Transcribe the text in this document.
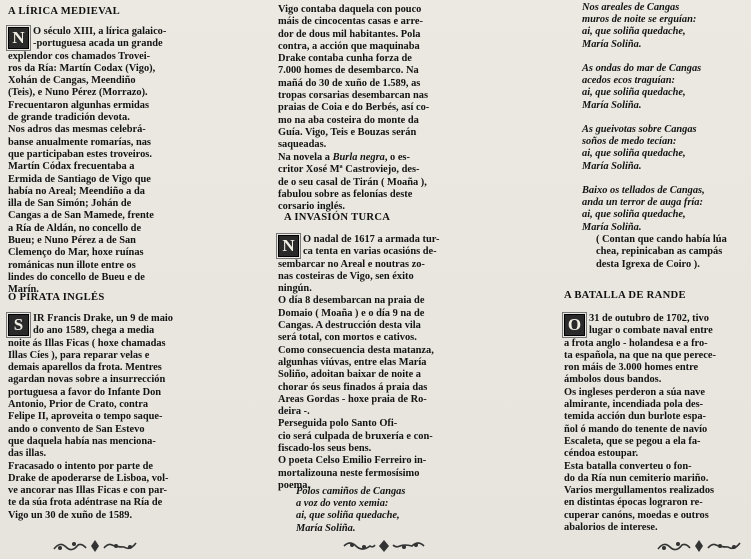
A LÍRICA MEDIEVAL
N O século XIII, a lírica galaico-
-portuguesa acada un grande
explendor cos chamados Trovei-
ros da Ría: Martín Codax (Vigo),
Xohán de Cangas, Meendiño
(Teis), e Nuno Pérez (Morrazo).
Frecuentaron algunhas ermidas
de grande tradición devota.
Nos adros das mesmas celebrá-
banse anualmente romarías, nas
que participaban estes troveiros.
Martín Códax frecuentaba a
Ermida de Santiago de Vigo que
había no Areal; Meendiño a da
illa de San Simón; Johán de
Cangas a de San Mamede, frente
a Ría de Aldán, no concello de
Bueu; e Nuno Pérez a de San
Clemenço do Mar, hoxe ruínas
románicas nun illote entre os
lindes do concello de Bueu e de
Marín.
O PIRATA INGLÉS
S IR Francis Drake, un 9 de maio
do ano 1589, chega a media
noite ás Illas Ficas ( hoxe chamadas
Illas Cíes ), para reparar velas e
demais aparellos da frota. Mentres
agardan novas sobre a insurrección
portuguesa a favor do Infante Don
Antonio, Prior de Crato, contra
Felipe II, aproveita o tempo saque-
ando o convento de San Estevo
que daquela había nas menciona-
das illas.
Fracasado o intento por parte de
Drake de apoderarse de Lisboa, vol-
ve ancorar nas Illas Ficas e con par-
te da súa frota adéntrase na Ría de
Vigo un 30 de xuño de 1589.
Vigo contaba daquela con pouco
máis de cincocentas casas e arre-
dor de dous mil habitantes. Pola
contra, a acción que maquinaba
Drake contaba cunha forza de
7.000 homes de desembarco. Na
mañá do 30 de xuño de 1.589, as
tropas corsarias desembarcan nas
praias de Coia e do Berbés, así co-
mo na aba costeira do monte da
Guía. Vigo, Teis e Bouzas serán
saqueadas.
Na novela a Burla negra, o es-
critor Xosé Mª Castroviejo, des-
de o seu casal de Tirán ( Moaña ),
fabulou sobre as felonías deste
corsario inglés.
A INVASIÓN TURCA
N O nadal de 1617 a armada tur-
ca tenta en varias ocasións de-
sembarcar no Areal e noutras zo-
nas costeiras de Vigo, sen éxito
ningún.
O día 8 desembarcan na praia de
Domaio ( Moaña ) e o día 9 na de
Cangas. A destrucción desta vila
será total, con mortos e cativos.
Como consecuencia desta matanza,
algunhas viúvas, entre elas María
Soliño, adoitan baixar de noite a
chorar ós seus finados á praia das
Areas Gordas - hoxe praia de Ro-
deira -.
Perseguida polo Santo Ofi-
cio será culpada de bruxería e con-
fiscado-los seus bens.
O poeta Celso Emilio Ferreiro in-
mortalizouna neste fermosísimo
poema.
Polos camiños de Cangas
a voz do vento xemia:
ai, que soliña quedache,
María Soliña.
Nos areales de Cangas
muros de noite se erguían:
ai, que soliña quedache,
María Soliña.

As ondas do mar de Cangas
acedos ecos traguían:
ai, que soliña quedache,
María Soliña.

As gueivotas sobre Cangas
soños de medo tecían:
ai, que soliña quedache,
María Soliña.

Baixo os tellados de Cangas,
anda un terror de auga fría:
ai, que soliña quedache,
María Soliña.
( Contan que cando había lúa
chea, repinicaban as campás
desta Igrexa de Coiro ).
A BATALLA DE RANDE
O 31 de outubro de 1702, tivo
lugar o combate naval entre
a frota anglo - holandesa e a fro-
ta española, na que na que perece-
ron máis de 3.000 homes entre
ámbolos dous bandos.
Os ingleses perderon a súa nave
almirante, incendiada pola des-
temida acción dun burlote espa-
ñol ó mando do tenente de navío
Escaleta, que se pegou a ela fa-
céndoa estoupar.
Esta batalla converteu o fon-
do da Ría nun cemiterio mariño.
Varios mergullamentos realizados
en distintas épocas lograron re-
cuperar canóns, moedas e outros
abalorios de interese.
